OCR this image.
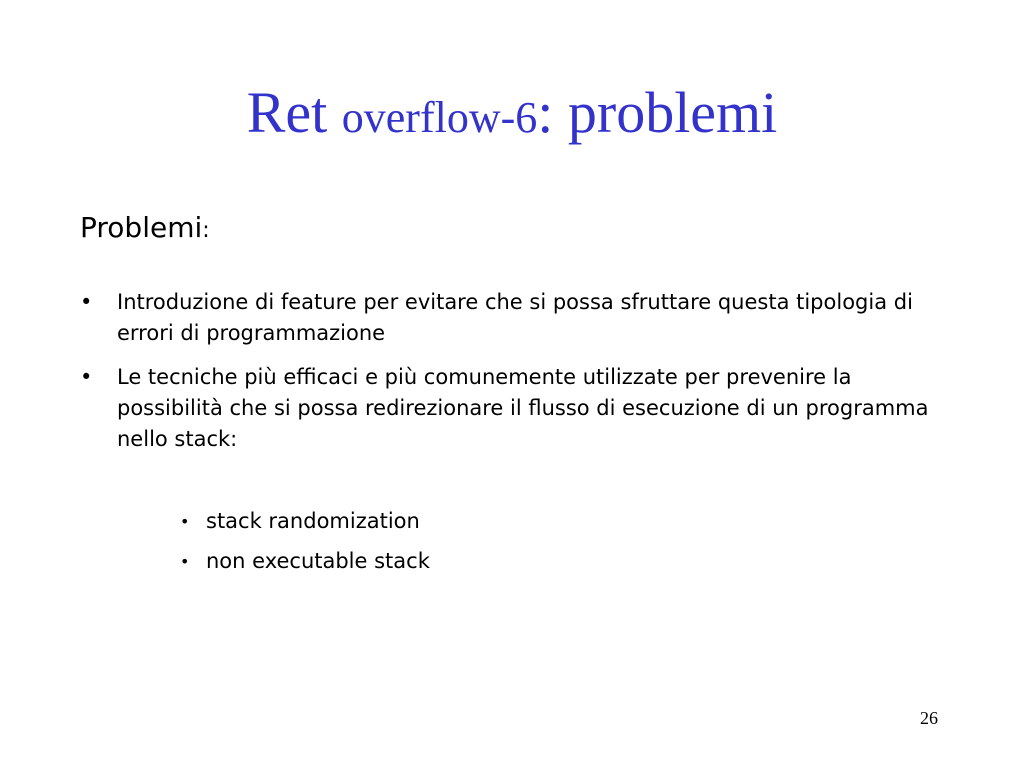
Ret overflow-6: problemi
Problemi:
•	Introduzione di feature per evitare che si possa sfruttare questa tipologia di errori di programmazione
•	Le tecniche più efficaci e più comunemente utilizzate per prevenire la possibilità che si possa redirezionare il flusso di esecuzione di un programma nello stack:
• stack randomization
• non executable stack
26
